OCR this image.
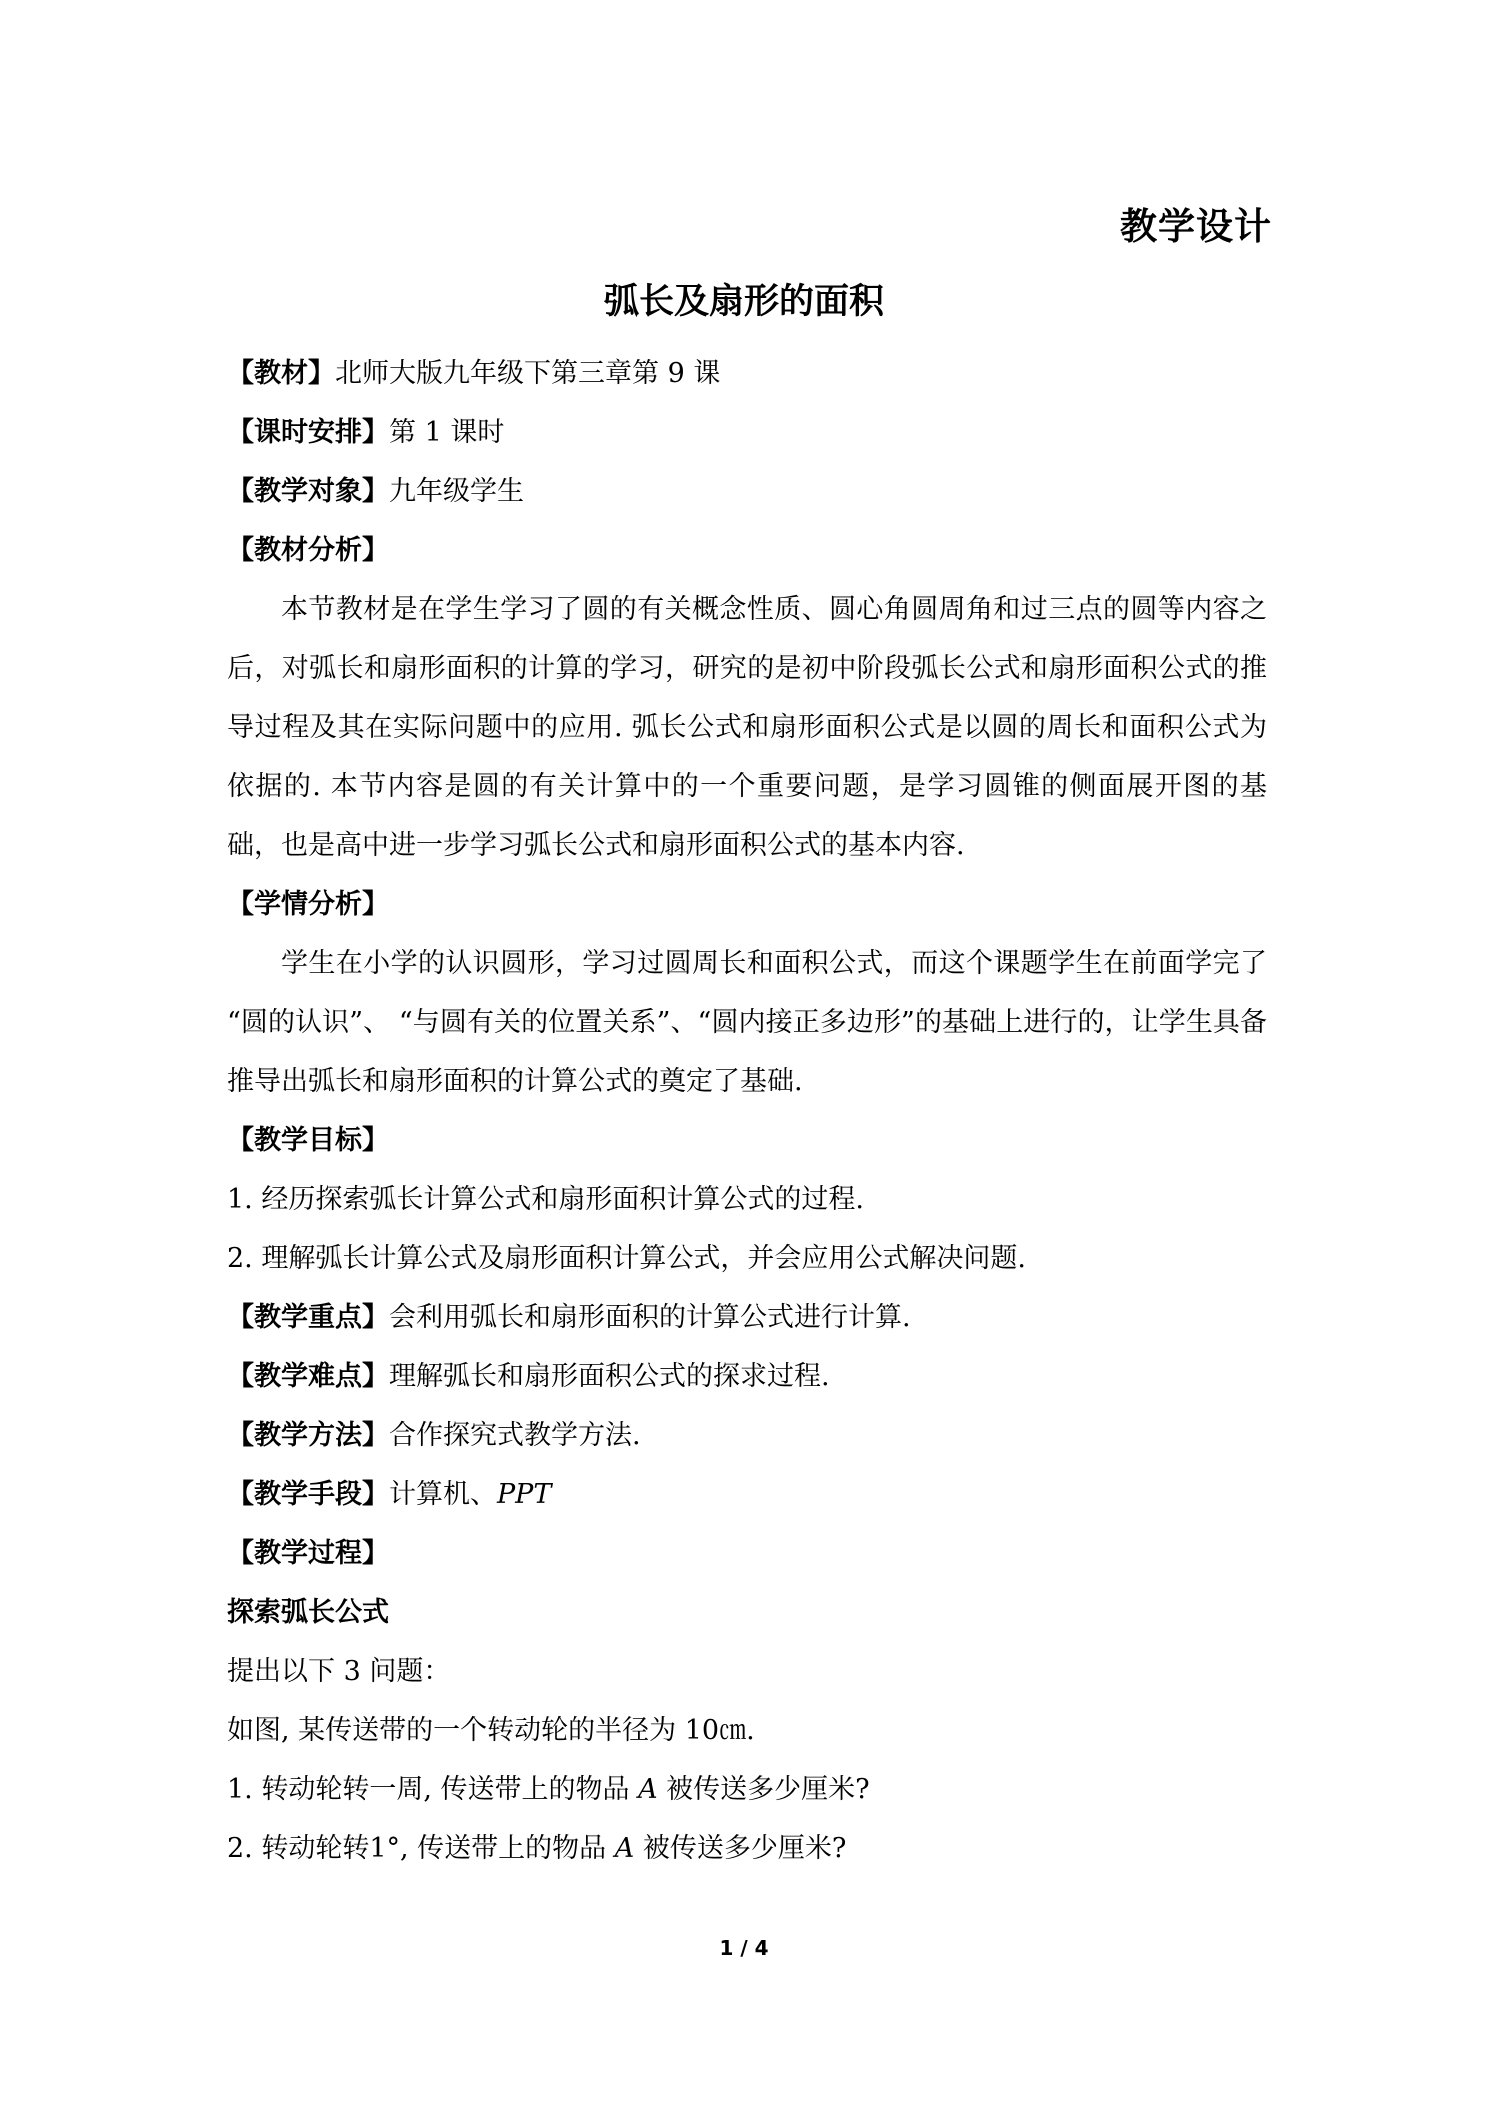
教学设计
弧长及扇形的面积
【教材】北师大版九年级下第三章第 9 课
【课时安排】第 1 课时
【教学对象】九年级学生
【教材分析】

本节教材是在学生学习了圆的有关概念性质、圆心角圆周角和过三点的圆等内容之后，对弧长和扇形面积的计算的学习，研究的是初中阶段弧长公式和扇形面积公式的推导过程及其在实际问题中的应用. 弧长公式和扇形面积公式是以圆的周长和面积公式为依据的. 本节内容是圆的有关计算中的一个重要问题，是学习圆锥的侧面展开图的基础，也是高中进一步学习弧长公式和扇形面积公式的基本内容.

【学情分析】

学生在小学的认识圆形，学习过圆周长和面积公式，而这个课题学生在前面学完了 “圆的认识”、 “与圆有关的位置关系”、“圆内接正多边形”的基础上进行的，让学生具备推导出弧长和扇形面积的计算公式的奠定了基础.

【教学目标】
1. 经历探索弧长计算公式和扇形面积计算公式的过程.
2. 理解弧长计算公式及扇形面积计算公式，并会应用公式解决问题.
【教学重点】会利用弧长和扇形面积的计算公式进行计算.
【教学难点】理解弧长和扇形面积公式的探求过程.
【教学方法】合作探究式教学方法.
【教学手段】计算机、PPT
【教学过程】
探索弧长公式
提出以下 3 问题：
如图, 某传送带的一个转动轮的半径为 10㎝.
1. 转动轮转一周, 传送带上的物品 A 被传送多少厘米?
2. 转动轮转1°, 传送带上的物品 A 被传送多少厘米?
1 / 4
